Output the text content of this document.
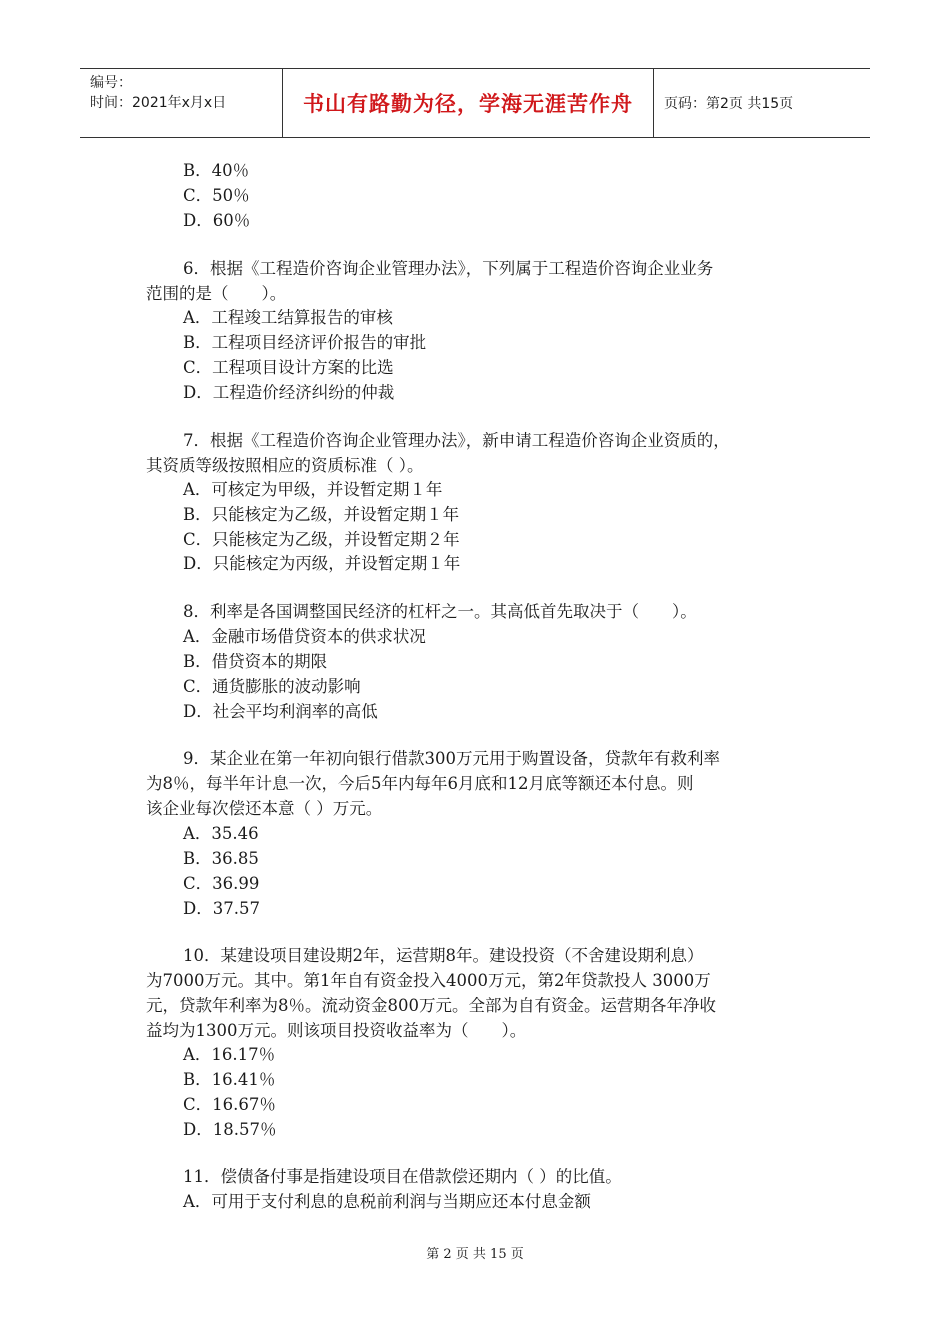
编号：
时间：2021年x月x日	书山有路勤为径，学海无涯苦作舟 页码：第2页 共15页
B．40％
C．50％
D．60％
6．根据《工程造价咨询企业管理办法》，下列属于工程造价咨询企业业务
范围的是（　　）。
A．工程竣工结算报告的审核
B．工程项目经济评价报告的审批
C．工程项目设计方案的比选
D．工程造价经济纠纷的仲裁
7．根据《工程造价咨询企业管理办法》，新申请工程造价咨询企业资质的，
其资质等级按照相应的资质标准（ ）。
A．可核定为甲级，并设暂定期１年
B．只能核定为乙级，并设暂定期１年
C．只能核定为乙级，并设暂定期２年
D．只能核定为丙级，并设暂定期１年
8．利率是各国调整国民经济的杠杆之一。其高低首先取决于（　　）。
A．金融市场借贷资本的供求状况
B．借贷资本的期限
C．通货膨胀的波动影响
D．社会平均利润率的高低
9．某企业在第一年初向银行借款300万元用于购置设备，贷款年有救利率
为8％，每半年计息一次，今后5年内每年6月底和12月底等额还本付息。则
该企业每次偿还本意（ ）万元。
A．35.46
B．36.85
C．36.99
D．37.57
10．某建设项目建设期2年，运营期8年。建设投资（不舍建设期利息）
为7000万元。其中。第1年自有资金投入4000万元，第2年贷款投人 3000万
元，贷款年利率为8％。流动资金800万元。全部为自有资金。运营期各年净收
益均为1300万元。则该项目投资收益率为（　　）。
A．16.17％
B．16.41％
C．16.67％
D．18.57％
11．偿债备付事是指建设项目在借款偿还期内（ ）的比值。
A．可用于支付利息的息税前利润与当期应还本付息金额
第 2 页 共 15 页
